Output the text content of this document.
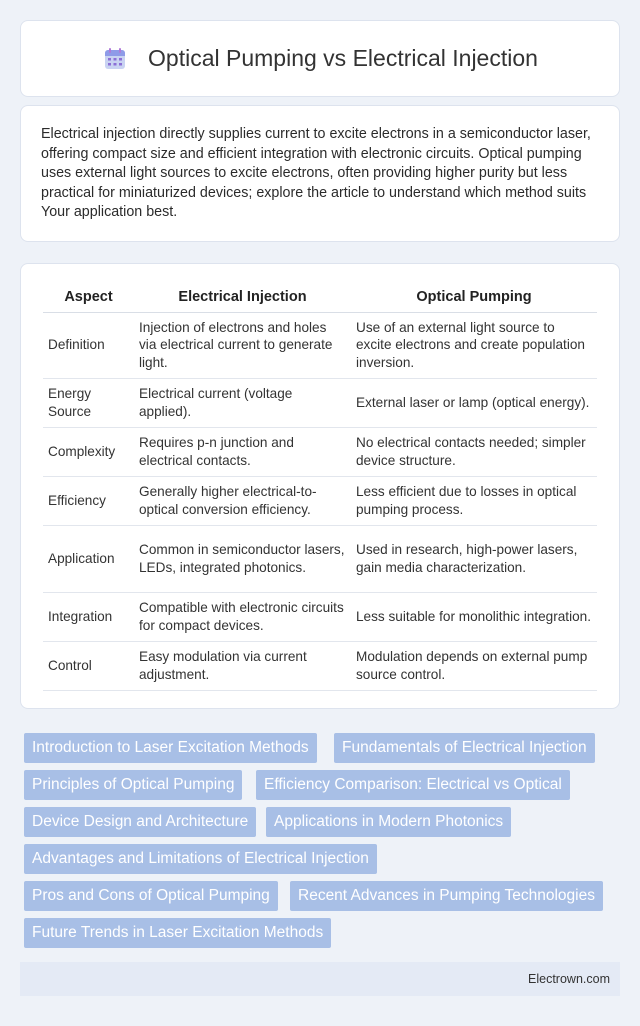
Optical Pumping vs Electrical Injection

Electrical injection directly supplies current to excite electrons in a semiconductor laser, offering compact size and efficient integration with electronic circuits. Optical pumping uses external light sources to excite electrons, often providing higher purity but less practical for miniaturized devices; explore the article to understand which method suits Your application best.

Aspect	Electrical Injection	Optical Pumping
Definition	Injection of electrons and holes via electrical current to generate light.	Use of an external light source to excite electrons and create population inversion.
Energy Source	Electrical current (voltage applied).	External laser or lamp (optical energy).
Complexity	Requires p-n junction and electrical contacts.	No electrical contacts needed; simpler device structure.
Efficiency	Generally higher electrical-to-optical conversion efficiency.	Less efficient due to losses in optical pumping process.
Application	Common in semiconductor lasers, LEDs, integrated photonics.	Used in research, high-power lasers, gain media characterization.
Integration	Compatible with electronic circuits for compact devices.	Less suitable for monolithic integration.
Control	Easy modulation via current adjustment.	Modulation depends on external pump source control.
Introduction to Laser Excitation Methods	Fundamentals of Electrical Injection
Principles of Optical Pumping	Efficiency Comparison: Electrical vs Optical
Device Design and Architecture	Applications in Modern Photonics
Advantages and Limitations of Electrical Injection
Pros and Cons of Optical Pumping	Recent Advances in Pumping Technologies
Future Trends in Laser Excitation Methods
Electrown.com
